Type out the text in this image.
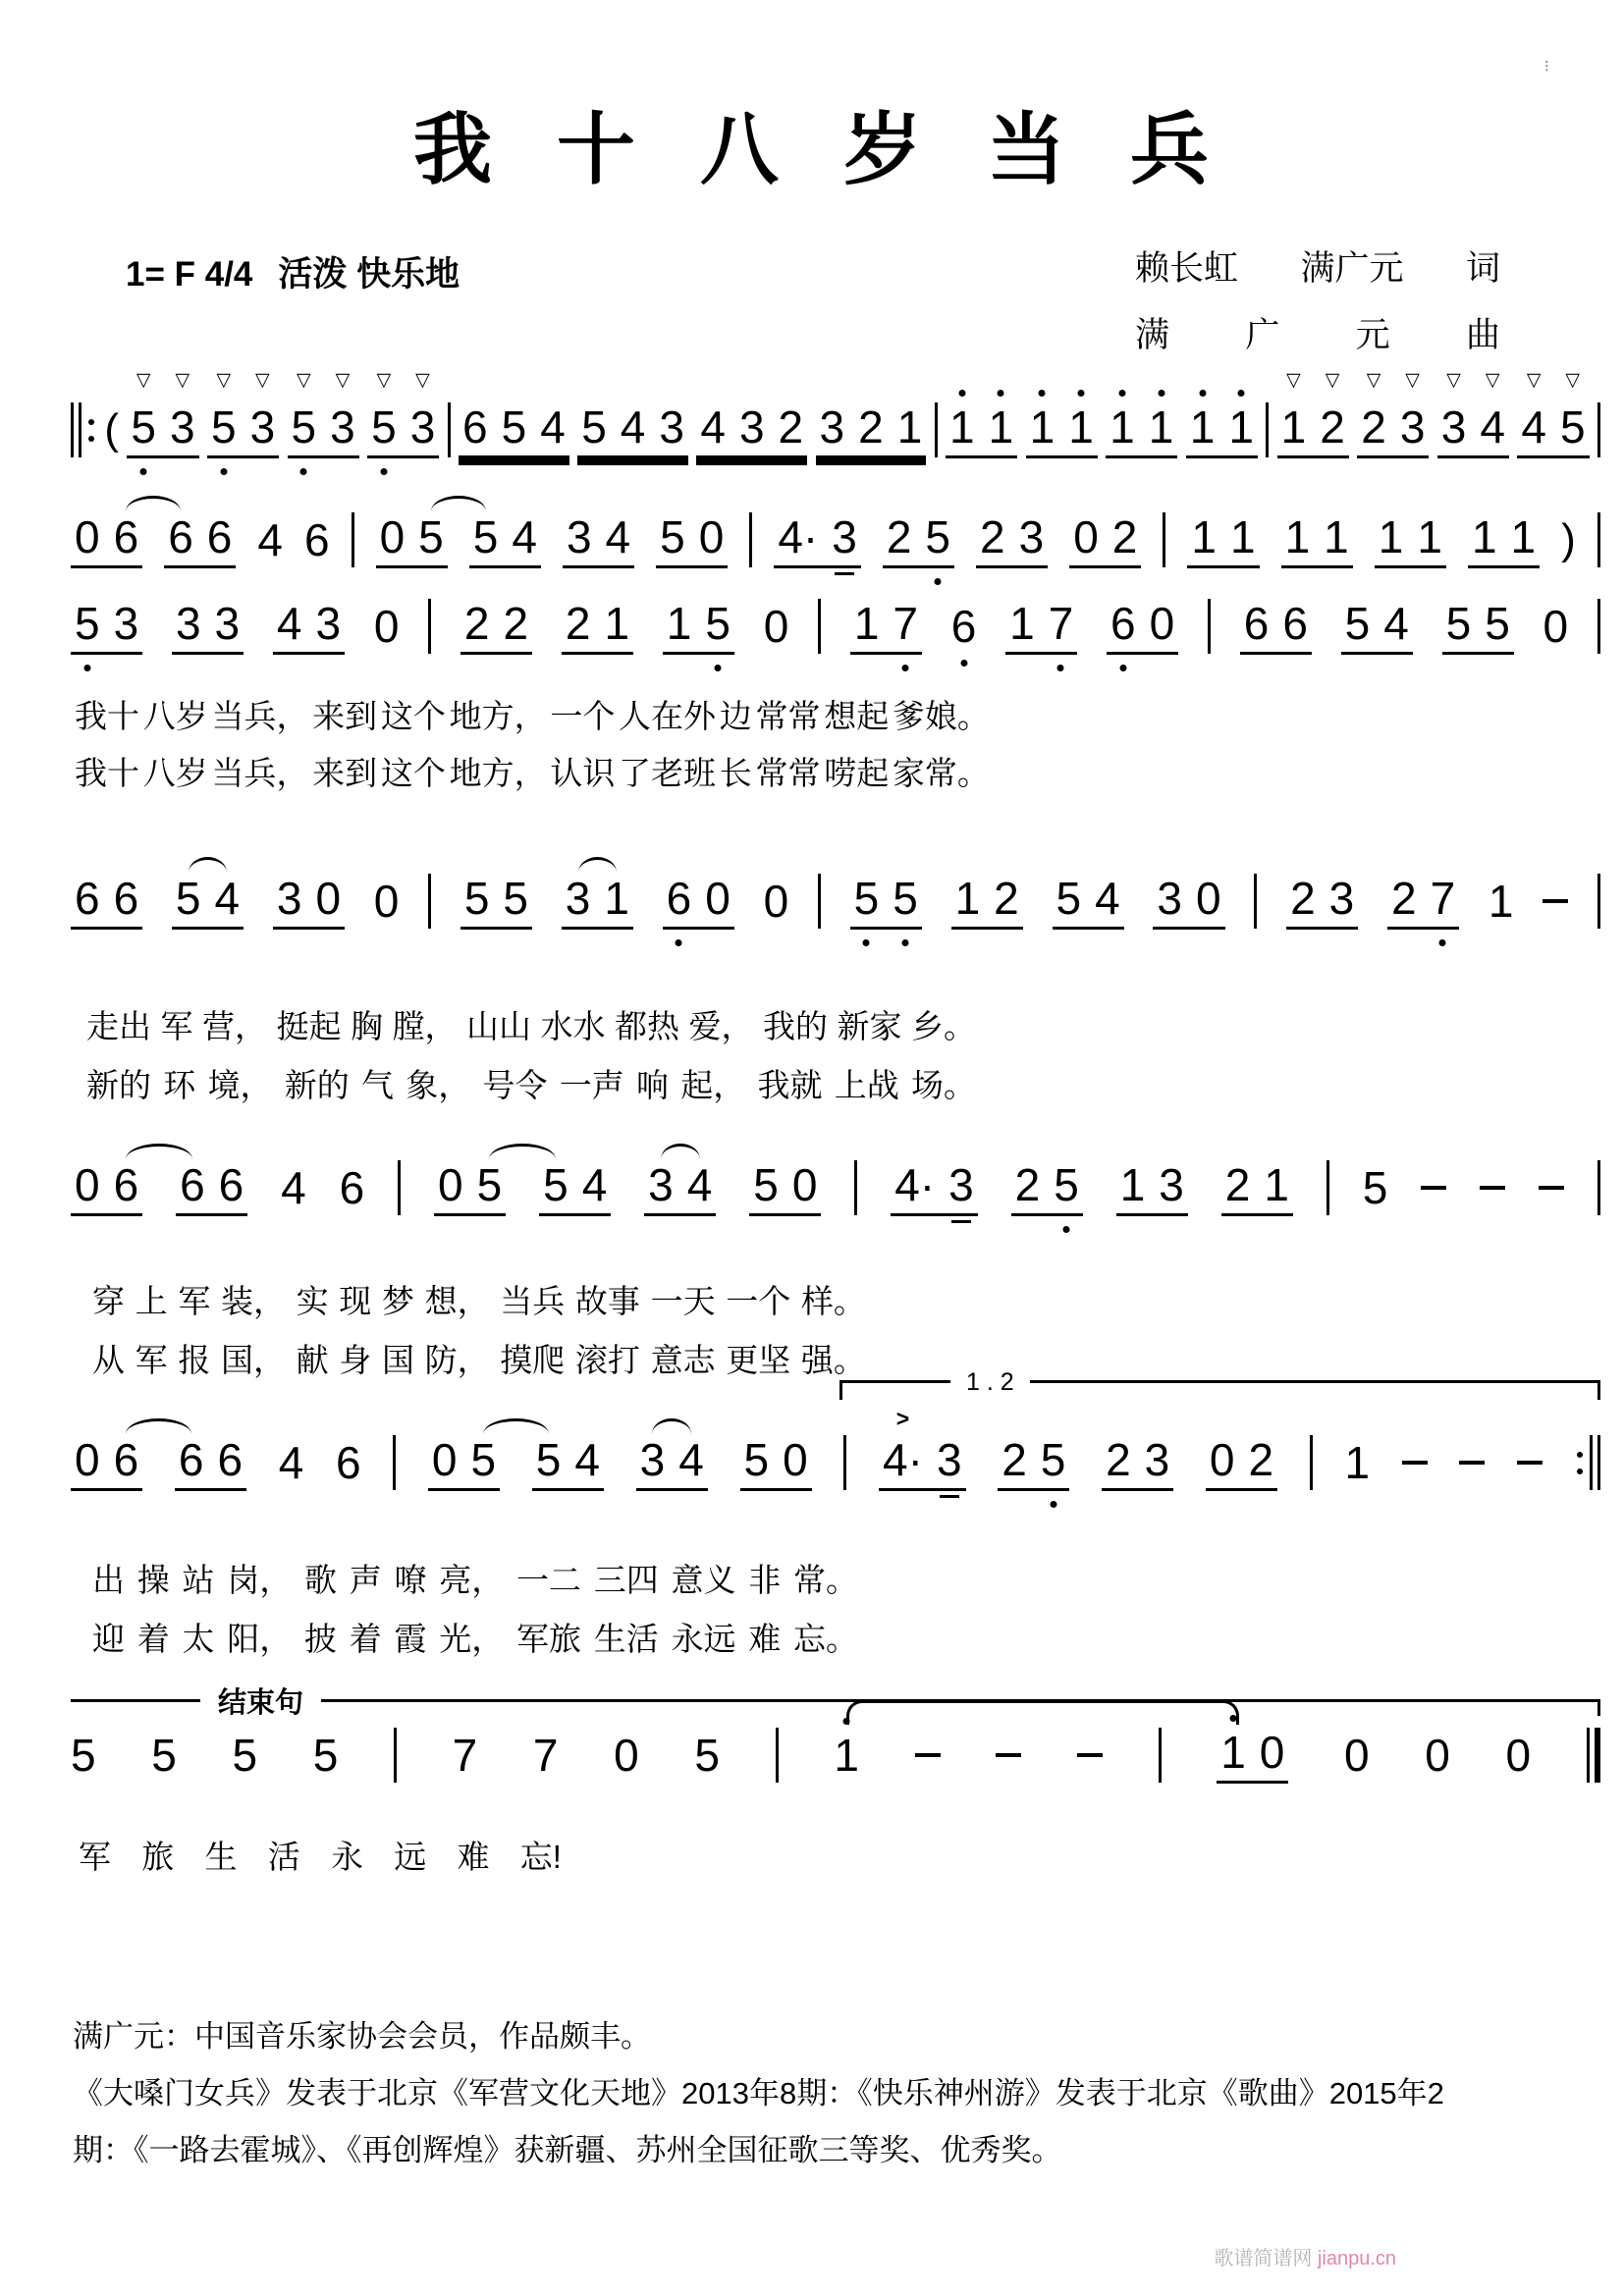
⁝
我 十 八 岁 当 兵
1= F 4/4 活泼 快乐地	赖长虹 满广元 词
满 广 元 曲
( 5
▽
3
▽
5
▽
3
▽
5
▽
3
▽
5
▽
3
▽
6 5 4 5 4 3 4 3 2 3 2 1 1 1 1 1 1 1 1 1 1
▽
2
▽
2
▽
3
▽
3
▽
4
▽
4
▽
5
▽
0 6 6 6 4 6 0 5 5 4 3 4 5 0 4· 3 2 5 2 3 0 2 1 1 1 1 1 1 1 1 )
5 3 3 3 4 3 0 2 2 2 1 1 5 0 1 7 6 1 7 6 0 6 6 5 4 5 5 0
6 6 5 4 3 0 0 5 5 3 1 6 0 0 5 5 1 2 5 4 3 0 2 3 2 7 1
0 6 6 6 4 6 0 5 5 4 3 4 5 0 4· 3 2 5 1 3 2 1 5
0 6 6 6 4 6 0 5 5 4 3 4 5 0 4·
>
3 2 5 2 3 0 2 1
1 . 2
结束句
5 5 5 5	7 7 0 5	1	1 0 0 0 0
我十 八岁 当兵， 来到 这个 地方， 一个 人在外 边 常常 想起 爹娘。
我十 八岁 当兵， 来到 这个 地方， 认识 了老班 长 常常 唠起 家常。
走出 军 营， 挺起 胸 膛， 山山 水水 都热 爱， 我的 新家 乡。
新的 环 境， 新的 气 象， 号令 一声 响 起， 我就 上战 场。
穿 上 军 装， 实 现 梦 想， 当兵 故事 一天 一个 样。
从 军 报 国， 献 身 国 防， 摸爬 滚打 意志 更坚 强。
出 操 站 岗， 歌 声 嘹 亮， 一二 三四 意义 非 常。
迎 着 太 阳， 披 着 霞 光， 军旅 生活 永远 难 忘。
军 旅 生 活 永 远 难 忘!
满广元：中国音乐家协会会员，作品颇丰。
《大嗓门女兵》发表于北京《军营文化天地》2013年8期：《快乐神州游》发表于北京《歌曲》2015年2
期：《一路去霍城》、《再创辉煌》获新疆、苏州全国征歌三等奖、优秀奖。
歌谱简谱网 jianpu.cn
